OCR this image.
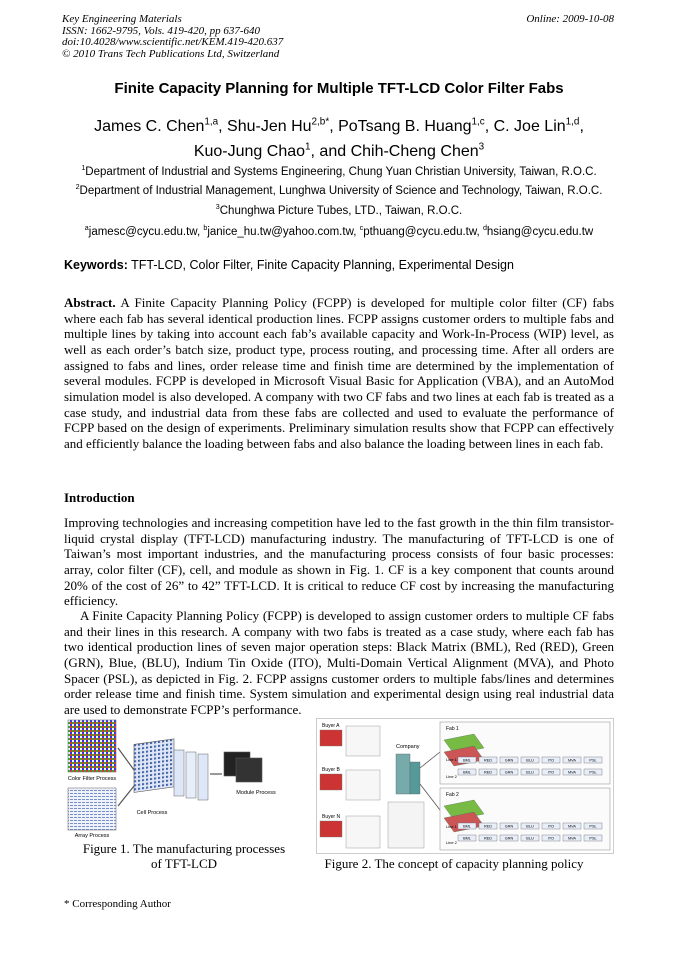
Key Engineering Materials
ISSN: 1662-9795, Vols. 419-420, pp 637-640
doi:10.4028/www.scientific.net/KEM.419-420.637
© 2010 Trans Tech Publications Ltd, Switzerland
Online: 2009-10-08
Finite Capacity Planning for Multiple TFT-LCD Color Filter Fabs
James C. Chen$^{1,a}$, Shu-Jen $Hu^{2,b*}$, PoTsang B. Huang$^{1,c}$, C. Joe Lin$^{1,d}$,
Kuo-Jung Chao$^1$, and Chih-Cheng Chen$^3$
$^1$Department of Industrial and Systems Engineering, Chung Yuan Christian University, Taiwan, R.O.C.
$^2$Department of Industrial Management, Lunghwa University of Science and Technology, Taiwan, R.O.C.
$^3$Chunghwa Picture Tubes, LTD., Taiwan, R.O.C.
$^a$jamesc@cycu.edu.tw, $^b$janice_hu.tw@yahoo.com.tw, $^c$pthuang@cycu.edu.tw, $^d$hsiang@cycu.edu.tw
Keywords: TFT-LCD, Color Filter, Finite Capacity Planning, Experimental Design
Abstract. A Finite Capacity Planning Policy (FCPP) is developed for multiple color filter (CF) fabs where each fab has several identical production lines. FCPP assigns customer orders to multiple fabs and multiple lines by taking into account each fab’s available capacity and Work-In-Process (WIP) level, as well as each order’s batch size, product type, process routing, and processing time. After all orders are assigned to fabs and lines, order release time and finish time are determined by the implementation of several modules. FCPP is developed in Microsoft Visual Basic for Application (VBA), and an AutoMod simulation model is also developed. A company with two CF fabs and two lines at each fab is treated as a case study, and industrial data from these fabs are collected and used to evaluate the performance of FCPP based on the design of experiments. Preliminary simulation results show that FCPP can effectively and efficiently balance the loading between fabs and also balance the loading between lines in each fab.
Introduction
Improving technologies and increasing competition have led to the fast growth in the thin film transistor-liquid crystal display (TFT-LCD) manufacturing industry. The manufacturing of TFT-LCD is one of Taiwan’s most important industries, and the manufacturing process consists of four basic processes: array, color filter (CF), cell, and module as shown in Fig. 1. CF is a key component that counts around 20% of the cost of 26” to 42” TFT-LCD. It is critical to reduce CF cost by increasing the manufacturing efficiency.
A Finite Capacity Planning Policy (FCPP) is developed to assign customer orders to multiple CF fabs and their lines in this research. A company with two fabs is treated as a case study, where each fab has two identical production lines of seven major operation steps: Black Matrix (BML), Red (RED), Green (GRN), Blue, (BLU), Indium Tin Oxide (ITO), Multi-Domain Vertical Alignment (MVA), and Photo Spacer (PSL), as depicted in Fig. 2. FCPP assigns customer orders to multiple fabs/lines and determines order release time and finish time. System simulation and experimental design using real industrial data are used to demonstrate FCPP’s performance.
Color Filter Process
Array Process
Cell Process
Module Process
Figure 1. The manufacturing processes
of TFT-LCD
Buyer A
Buyer B
Buyer N
Company
Fab 1
Line 1
Line 2
BML	RED	GRN	BLU	ITO	MVA	PSL
BML	RED	GRN	BLU	ITO	MVA	PSL
Fab 2
Line 1
Line 2
BML	RED	GRN	BLU	ITO	MVA	PSL
BML	RED	GRN	BLU	ITO	MVA	PSL
Figure 2. The concept of capacity planning policy
* Corresponding Author
